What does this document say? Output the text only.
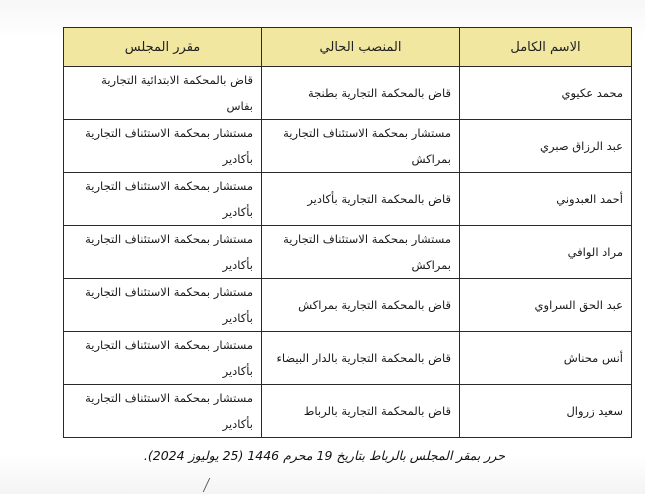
الاسم الكامل	المنصب الحالي	مقرر المجلس
محمد عكيوي	قاض بالمحكمة التجارية بطنجة	قاض بالمحكمة الابتدائية التجارية بفاس
عبد الرزاق صبري	مستشار بمحكمة الاستئناف التجارية بمراكش	مستشار بمحكمة الاستئناف التجارية بأكادير
أحمد العبدوني	قاض بالمحكمة التجارية بأكادير	مستشار بمحكمة الاستئناف التجارية بأكادير
مراد الوافي	مستشار بمحكمة الاستئناف التجارية بمراكش	مستشار بمحكمة الاستئناف التجارية بأكادير
عبد الحق السراوي	قاض بالمحكمة التجارية بمراكش	مستشار بمحكمة الاستئناف التجارية بأكادير
أنس محناش	قاض بالمحكمة التجارية بالدار البيضاء	مستشار بمحكمة الاستئناف التجارية بأكادير
سعيد زروال	قاض بالمحكمة التجارية بالرباط	مستشار بمحكمة الاستئناف التجارية بأكادير
حرر بمقر المجلس بالرباط بتاريخ 19 محرم 1446 (25 يوليوز 2024).
